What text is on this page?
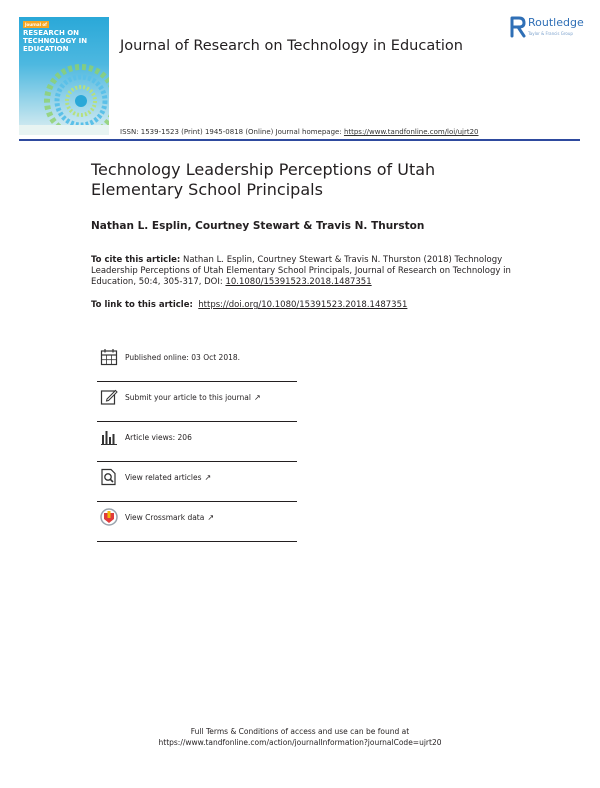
Journal of
RESEARCH ON TECHNOLOGY IN EDUCATION	Journal of Research on Technology in Education
Routledge
Taylor & Francis Group
ISSN: 1539-1523 (Print) 1945-0818 (Online) Journal homepage: https://www.tandfonline.com/loi/ujrt20
Technology Leadership Perceptions of Utah Elementary School Principals
Nathan L. Esplin, Courtney Stewart & Travis N. Thurston
To cite this article: Nathan L. Esplin, Courtney Stewart & Travis N. Thurston (2018) Technology Leadership Perceptions of Utah Elementary School Principals, Journal of Research on Technology in Education, 50:4, 305-317, DOI: 10.1080/15391523.2018.1487351
To link to this article: https://doi.org/10.1080/15391523.2018.1487351
Published online: 03 Oct 2018.
Submit your article to this journal ↗
Article views: 206
View related articles ↗
View Crossmark data ↗
Full Terms & Conditions of access and use can be found at
https://www.tandfonline.com/action/journalInformation?journalCode=ujrt20
